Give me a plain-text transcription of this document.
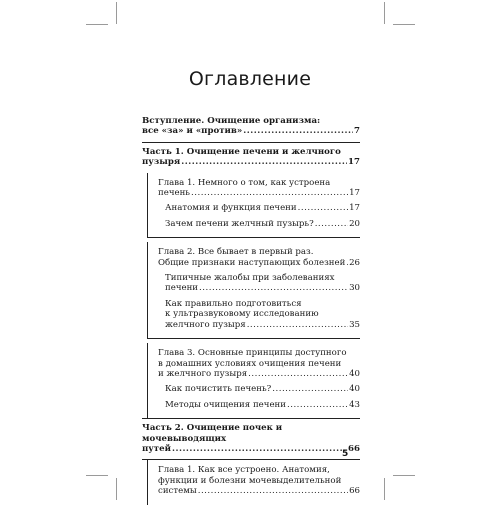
Оглавление
Вступление. Очищение организма:
все «за» и «против» .....	7
Часть 1. Очищение печени и желчного
пузыря .....	17
Глава 1. Немного о том, как устроена
печень .....	17
Анатомия и функция печени .....	17
Зачем печени желчный пузырь? .....	20
Глава 2. Все бывает в первый раз.
Общие признаки наступающих болезней ..... 26
Типичные жалобы при заболеваниях
печени .....	30
Как правильно подготовиться
к ультразвуковому исследованию
желчного пузыря .....	35
Глава 3. Основные принципы доступного
в домашних условиях очищения печени
и желчного пузыря .....	40
Как почистить печень? .....	40
Методы очищения печени .....	43
Часть 2. Очищение почек и мочевыводящих
путей .....	66
Глава 1. Как все устроено. Анатомия,
функции и болезни мочевыделительной
системы .....	66
5
